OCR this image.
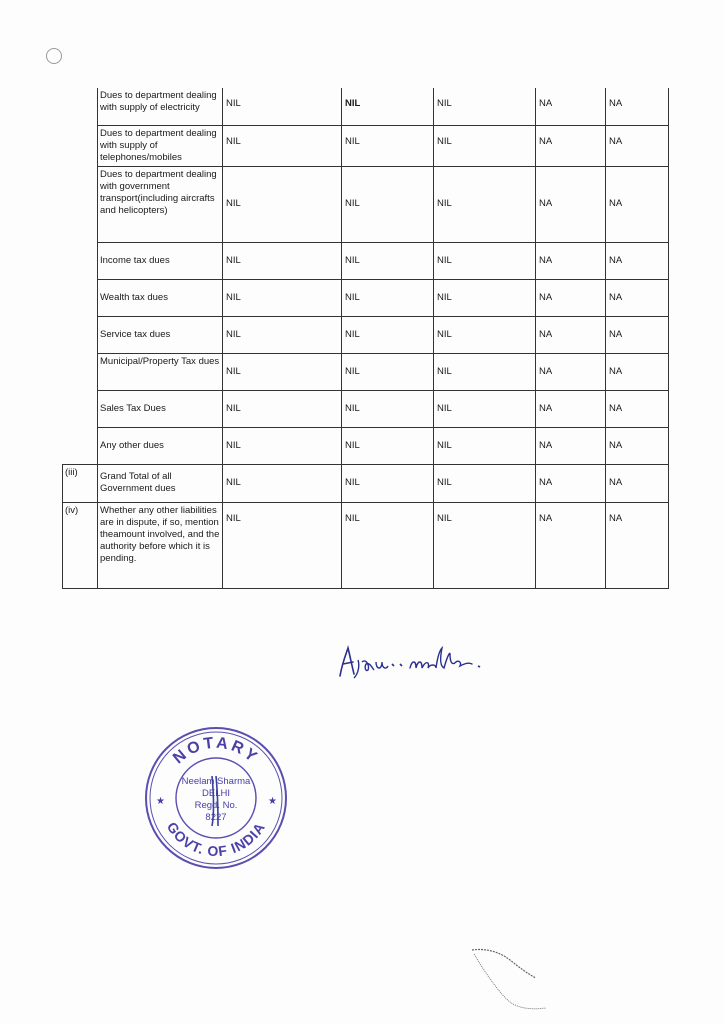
	Dues to department dealing with supply of electricity	NIL	NIL	NIL	NA	NA
	Dues to department dealing with supply of telephones/mobiles	NIL	NIL	NIL	NA	NA
	Dues to department dealing with government transport(including aircrafts and helicopters)	NIL	NIL	NIL	NA	NA
	Income tax dues	NIL	NIL	NIL	NA	NA
	Wealth tax dues	NIL	NIL	NIL	NA	NA
	Service tax dues	NIL	NIL	NIL	NA	NA
	Municipal/Property Tax dues	NIL	NIL	NIL	NA	NA
	Sales Tax Dues	NIL	NIL	NIL	NA	NA
	Any other dues	NIL	NIL	NIL	NA	NA
(iii)	Grand Total of all Government dues	NIL	NIL	NIL	NA	NA
(iv)	Whether any other liabilities are in dispute, if so, mention theamount involved, and the authority before which it is pending.	NIL	NIL	NIL	NA	NA
NOTARY
GOVT. OF INDIA
★	★
Neelam Sharma
DELHI
Regd. No.
8227
